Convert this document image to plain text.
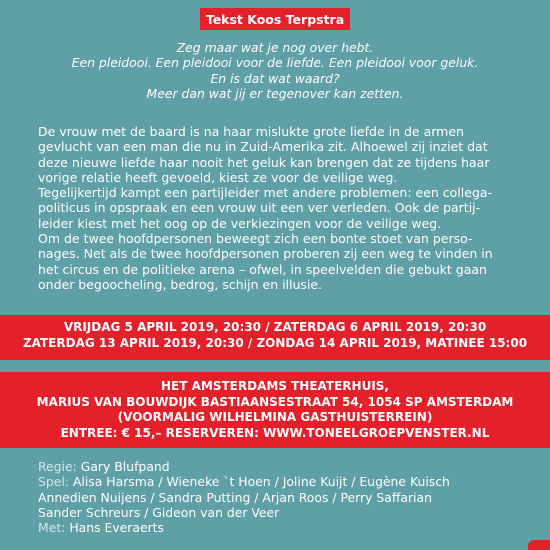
Tekst Koos Terpstra
Zeg maar wat je nog over hebt.
Een pleidooi. Een pleidooi voor de liefde. Een pleidooi voor geluk.
En is dat wat waard?
Meer dan wat jij er tegenover kan zetten.
De vrouw met de baard is na haar mislukte grote liefde in de armen
gevlucht van een man die nu in Zuid-Amerika zit. Alhoewel zij inziet dat
deze nieuwe liefde haar nooit het geluk kan brengen dat ze tijdens haar
vorige relatie heeft gevoeld, kiest ze voor de veilige weg.
Tegelijkertijd kampt een partijleider met andere problemen: een collega-
politicus in opspraak en een vrouw uit een ver verleden. Ook de partij-
leider kiest met het oog op de verkiezingen voor de veilige weg.
Om de twee hoofdpersonen beweegt zich een bonte stoet van perso-
nages. Net als de twee hoofdpersonen proberen zij een weg te vinden in
het circus en de politieke arena – ofwel, in speelvelden die gebukt gaan
onder begoocheling, bedrog, schijn en illusie.
VRIJDAG 5 APRIL 2019, 20:30 / ZATERDAG 6 APRIL 2019, 20:30
ZATERDAG 13 APRIL 2019, 20:30 / ZONDAG 14 APRIL 2019, MATINEE 15:00
HET AMSTERDAMS THEATERHUIS,
MARIUS VAN BOUWDIJK BASTIAANSESTRAAT 54, 1054 SP AMSTERDAM
(VOORMALIG WILHELMINA GASTHUISTERREIN)
ENTREE: € 15,– RESERVEREN: WWW.TONEELGROEPVENSTER.NL
Regie: Gary Blufpand
Spel: Alisa Harsma / Wieneke `t Hoen / Joline Kuijt / Eugène Kuisch
Annedien Nuijens / Sandra Putting / Arjan Roos / Perry Saffarian
Sander Schreurs / Gideon van der Veer
Met: Hans Everaerts
